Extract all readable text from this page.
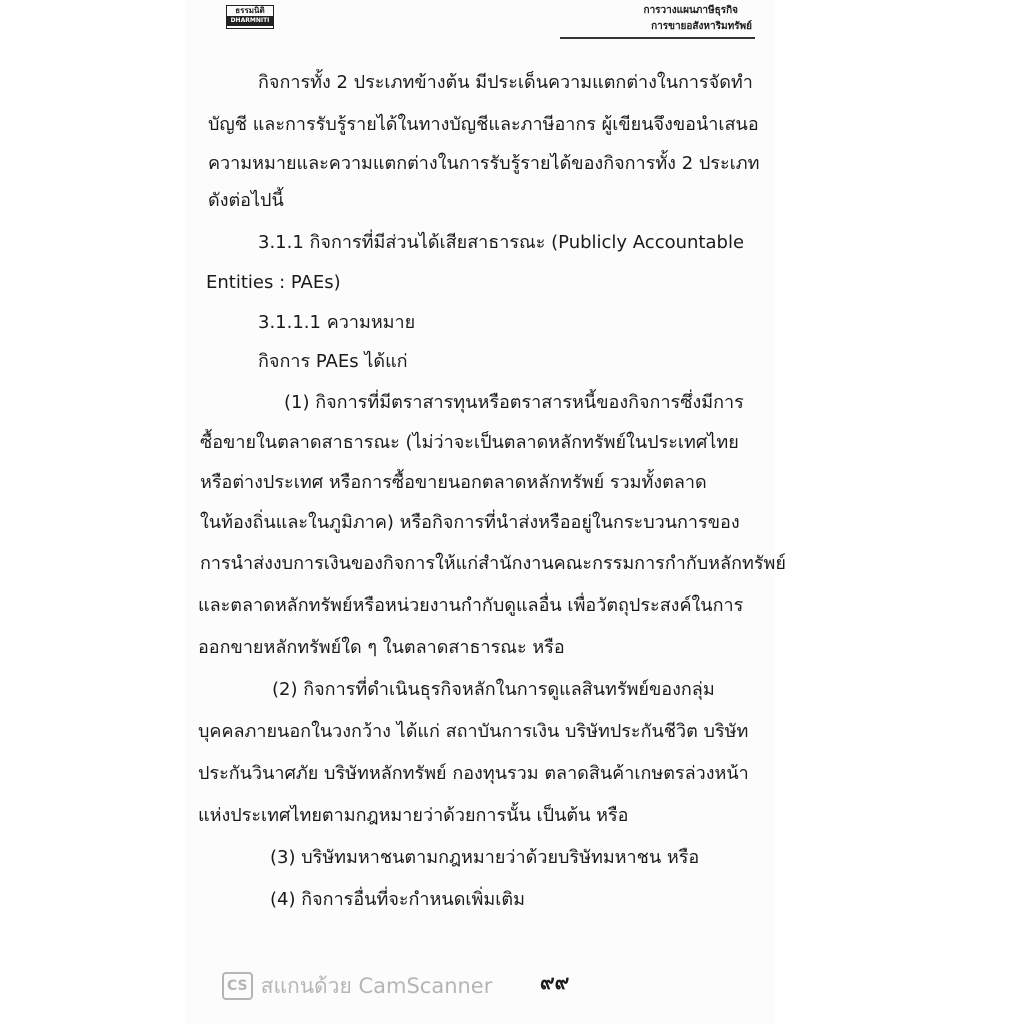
ธรรมนิติ
DHARMNITI
การวางแผนภาษีธุรกิจ
การขายอสังหาริมทรัพย์
กิจการทั้ง 2 ประเภทข้างต้น มีประเด็นความแตกต่างในการจัดทำ
บัญชี และการรับรู้รายได้ในทางบัญชีและภาษีอากร ผู้เขียนจึงขอนำเสนอ
ความหมายและความแตกต่างในการรับรู้รายได้ของกิจการทั้ง 2 ประเภท
ดังต่อไปนี้
3.1.1 กิจการที่มีส่วนได้เสียสาธารณะ (Publicly Accountable
Entities : PAEs)
3.1.1.1 ความหมาย
กิจการ PAEs ได้แก่
(1) กิจการที่มีตราสารทุนหรือตราสารหนี้ของกิจการซึ่งมีการ
ซื้อขายในตลาดสาธารณะ (ไม่ว่าจะเป็นตลาดหลักทรัพย์ในประเทศไทย
หรือต่างประเทศ หรือการซื้อขายนอกตลาดหลักทรัพย์ รวมทั้งตลาด
ในท้องถิ่นและในภูมิภาค) หรือกิจการที่นำส่งหรืออยู่ในกระบวนการของ
การนำส่งงบการเงินของกิจการให้แก่สำนักงานคณะกรรมการกำกับหลักทรัพย์
และตลาดหลักทรัพย์หรือหน่วยงานกำกับดูแลอื่น เพื่อวัตถุประสงค์ในการ
ออกขายหลักทรัพย์ใด ๆ ในตลาดสาธารณะ หรือ
(2) กิจการที่ดำเนินธุรกิจหลักในการดูแลสินทรัพย์ของกลุ่ม
บุคคลภายนอกในวงกว้าง ได้แก่ สถาบันการเงิน บริษัทประกันชีวิต บริษัท
ประกันวินาศภัย บริษัทหลักทรัพย์ กองทุนรวม ตลาดสินค้าเกษตรล่วงหน้า
แห่งประเทศไทยตามกฎหมายว่าด้วยการนั้น เป็นต้น หรือ
(3) บริษัทมหาชนตามกฎหมายว่าด้วยบริษัทมหาชน หรือ
(4) กิจการอื่นที่จะกำหนดเพิ่มเติม
CS สแกนด้วย CamScanner ๙๙
